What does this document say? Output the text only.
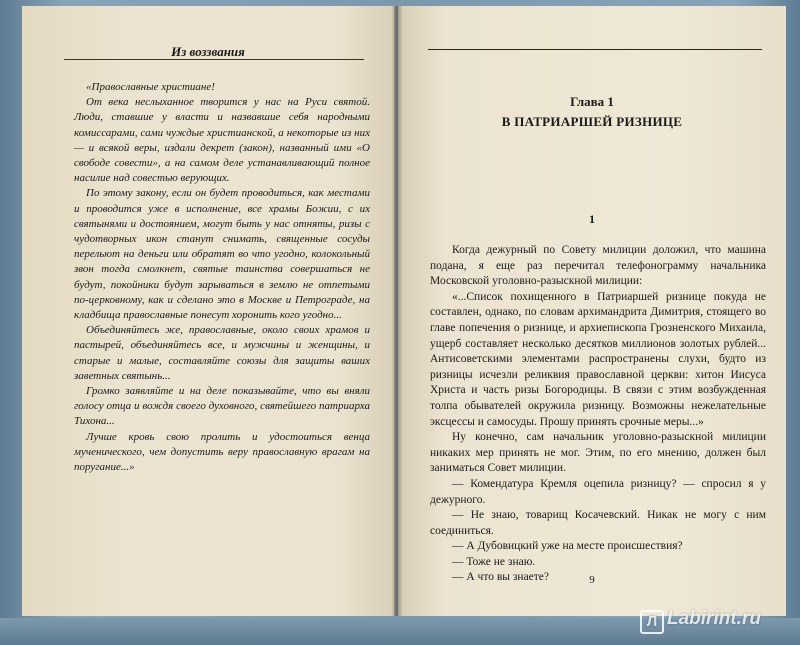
Из воззвания

«Православные христиане!

От века неслыханное творится у нас на Руси святой. Люди, ставшие у власти и назвавшие себя народными комиссарами, сами чуждые христианской, а некоторые из них — и всякой веры, издали декрет (закон), названный ими «О свободе совести», а на самом деле устанавливающий полное насилие над совестью верующих.

По этому закону, если он будет проводиться, как местами и проводится уже в исполнение, все храмы Божии, с их святынями и достоянием, могут быть у нас отняты, ризы с чудотворных икон станут снимать, священные сосуды перельют на деньги или обратят во что угодно, колокольный звон тогда смолкнет, святые таинства совершаться не будут, покойники будут зарываться в землю не отпетыми по-церковному, как и сделано это в Москве и Петрограде, на кладбища православные понесут хоронить кого угодно...

Объединяйтесь же, православные, около своих храмов и пастырей, объединяйтесь все, и мужчины и женщины, и старые и малые, составляйте союзы для защиты ваших заветных святынь...

Громко заявляйте и на деле показывайте, что вы вняли голосу отца и вождя своего духовного, святейшего патриарха Тихона...

Лучше кровь свою пролить и удостоиться венца мученического, чем допустить веру православную врагам на поругание...»

Глава 1
В ПАТРИАРШЕЙ РИЗНИЦЕ
1

Когда дежурный по Совету милиции доложил, что машина подана, я еще раз перечитал телефонограмму начальника Московской уголовно-разыскной милиции:

«...Список похищенного в Патриаршей ризнице покуда не составлен, однако, по словам архимандрита Димитрия, стоящего во главе попечения о ризнице, и архиепископа Грозненского Михаила, ущерб составляет несколько десятков миллионов золотых рублей... Антисоветскими элементами распространены слухи, будто из ризницы исчезли реликвия православной церкви: хитон Иисуса Христа и часть ризы Богородицы. В связи с этим возбужденная толпа обывателей окружила ризницу. Возможны нежелательные эксцессы и самосуды. Прошу принять срочные меры...»

Ну конечно, сам начальник уголовно-разыскной милиции никаких мер принять не мог. Этим, по его мнению, должен был заниматься Совет милиции.

— Комендатура Кремля оцепила ризницу? — спросил я у дежурного.

— Не знаю, товарищ Косачевский. Никак не могу с ним соединиться.

— А Дубовицкий уже на месте происшествия?

— Тоже не знаю.

— А что вы знаете?	9
Л Labirint.ru
